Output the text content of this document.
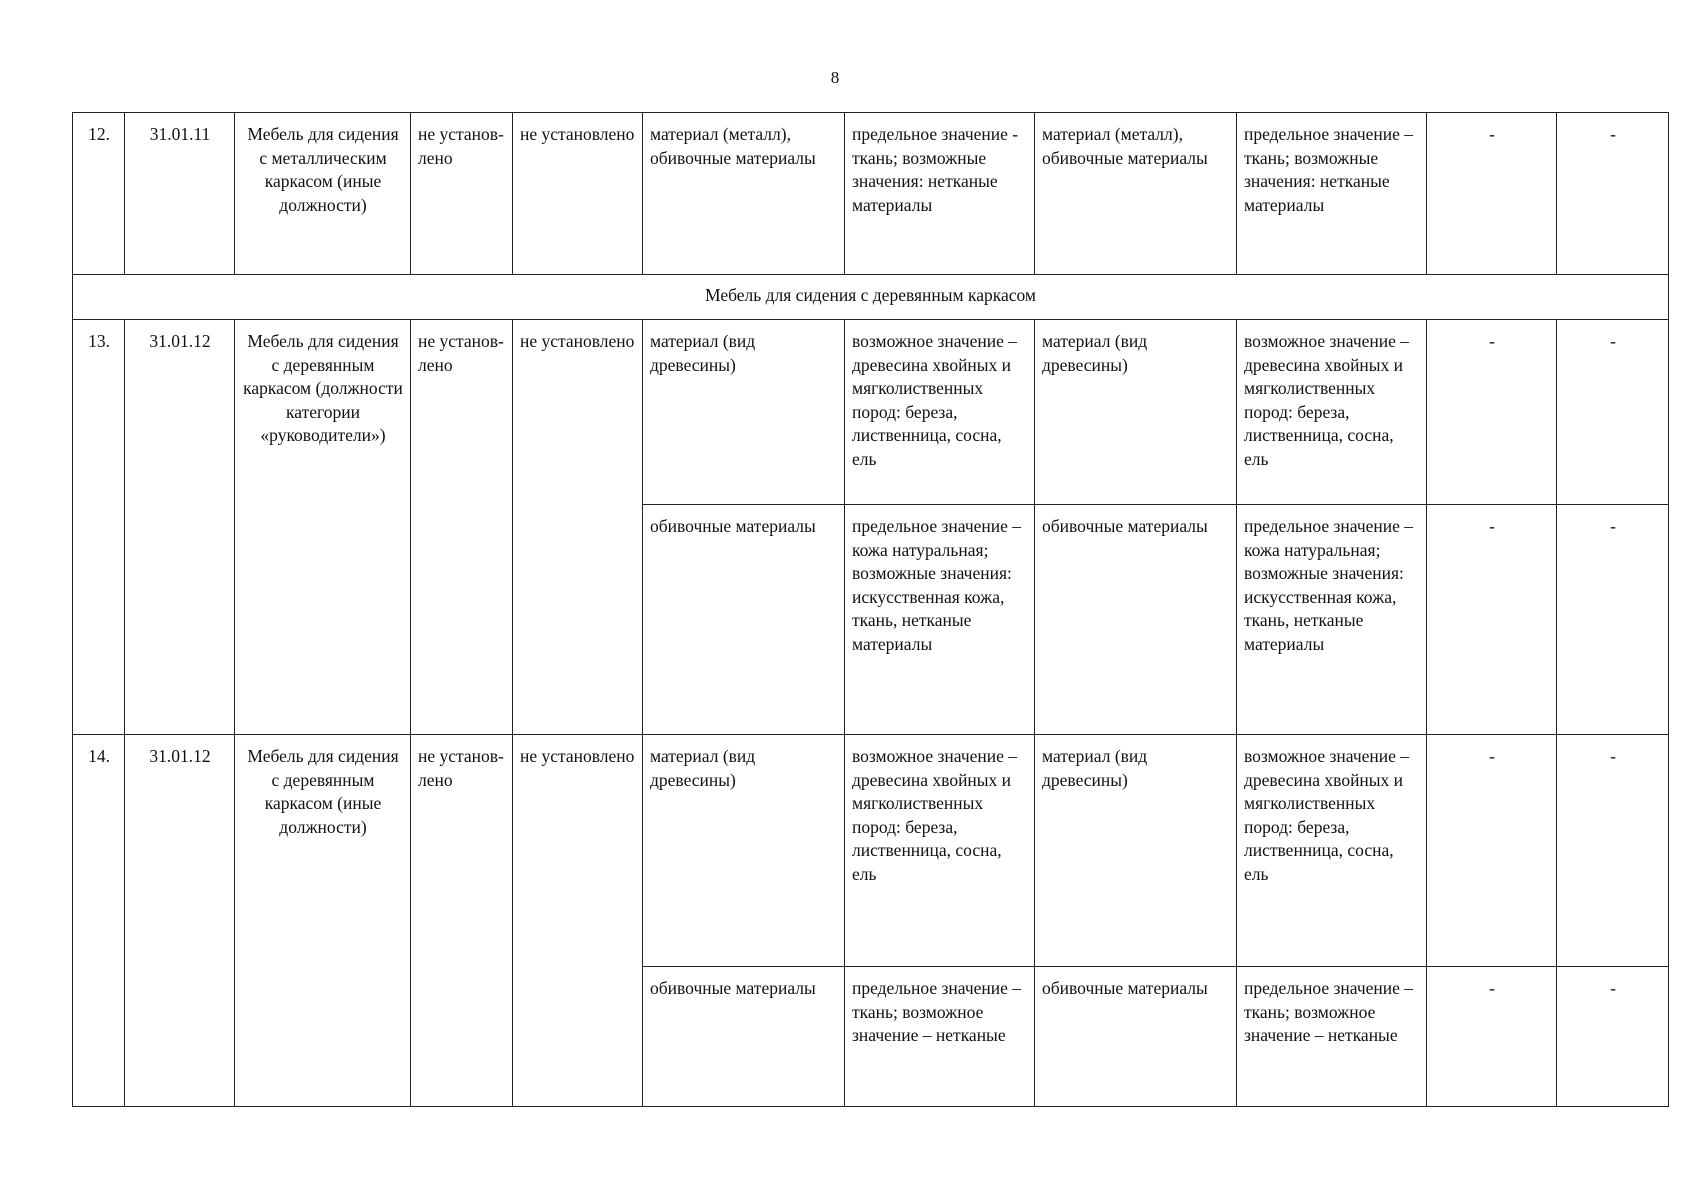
8
12.	31.01.11	Мебель для сидения с металлическим каркасом (иные должности)	не установ-лено	не установлено	материал (металл), обивочные материалы	предельное значение - ткань; возможные значения: нетканые материалы	материал (металл), обивочные материалы	предельное значение – ткань; возможные значения: нетканые материалы	-	-
Мебель для сидения с деревянным каркасом										
13.	31.01.12	Мебель для сидения с деревянным каркасом (должности категории «руководители»)	не установ-лено	не установлено	материал (вид древесины)	возможное значение – древесина хвойных и мягколиственных пород: береза, лиственница, сосна, ель	материал (вид древесины)	возможное значение – древесина хвойных и мягколиственных пород: береза, лиственница, сосна, ель	-	-
					обивочные материалы	предельное значение – кожа натуральная; возможные значения: искусственная кожа, ткань, нетканые материалы	обивочные материалы	предельное значение – кожа натуральная; возможные значения: искусственная кожа, ткань, нетканые материалы	-	-
14.	31.01.12	Мебель для сидения с деревянным каркасом (иные должности)	не установ-лено	не установлено	материал (вид древесины)	возможное значение – древесина хвойных и мягколиственных пород: береза, лиственница, сосна, ель	материал (вид древесины)	возможное значение – древесина хвойных и мягколиственных пород: береза, лиственница, сосна, ель	-	-
					обивочные материалы	предельное значение – ткань; возможное значение – нетканые	обивочные материалы	предельное значение – ткань; возможное значение – нетканые	-	-
